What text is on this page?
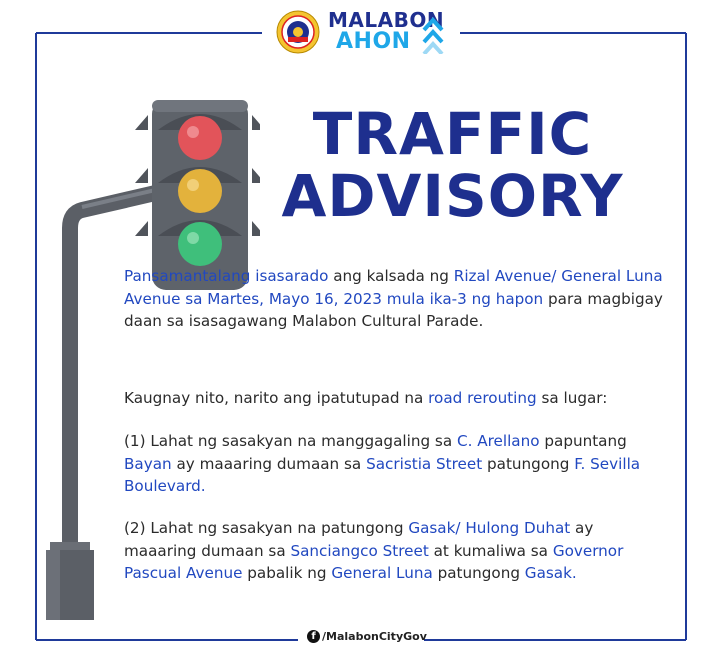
MALABON
AHON
TRAFFIC
ADVISORY
Pansamantalang isasarado ang kalsada ng Rizal Avenue/ General Luna Avenue sa Martes, Mayo 16, 2023 mula ika-3 ng hapon para magbigay daan sa isasagawang Malabon Cultural Parade.
Kaugnay nito, narito ang ipatutupad na road rerouting sa lugar:
(1) Lahat ng sasakyan na manggagaling sa C. Arellano papuntang Bayan ay maaaring dumaan sa Sacristia Street patungong F. Sevilla Boulevard.
(2) Lahat ng sasakyan na patungong Gasak/ Hulong Duhat ay maaaring dumaan sa Sanciangco Street at kumaliwa sa Governor Pascual Avenue pabalik ng General Luna patungong Gasak.
f /MalabonCityGov
